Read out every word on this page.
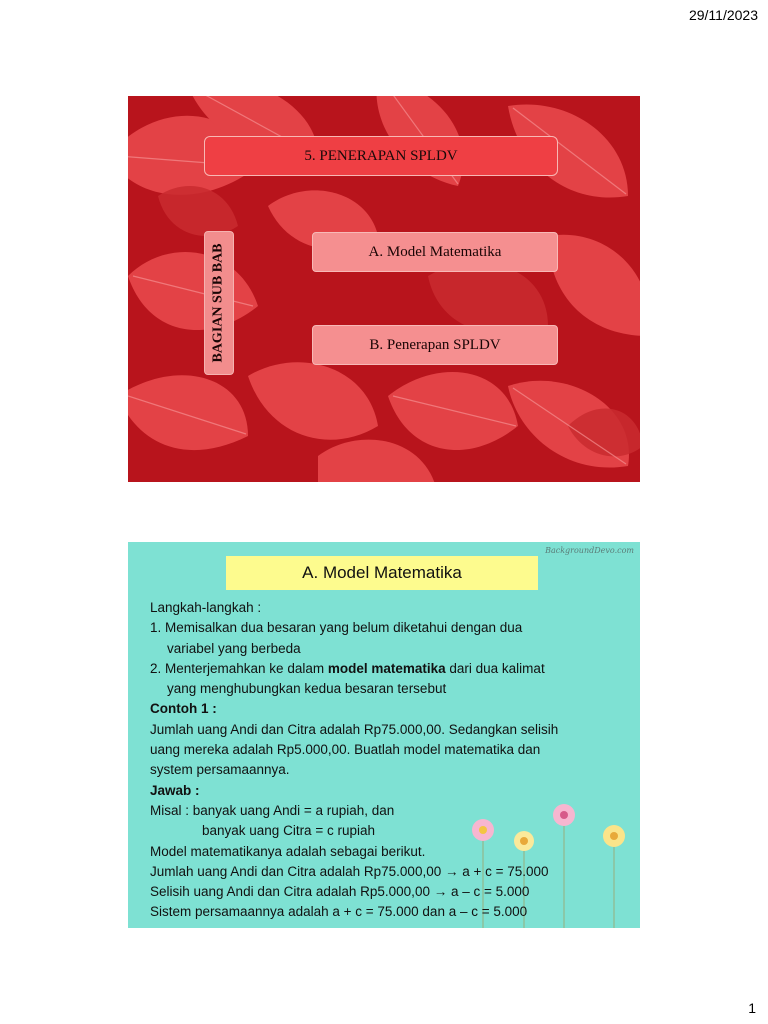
29/11/2023
5. PENERAPAN SPLDV
BAGIAN SUB BAB	A. Model Matematika
B. Penerapan SPLDV
BackgroundDevo.com
A. Model Matematika
Langkah-langkah :
1. Memisalkan dua besaran yang belum diketahui dengan dua
variabel yang berbeda
2. Menterjemahkan ke dalam model matematika dari dua kalimat
yang menghubungkan kedua besaran tersebut
Contoh 1 :
Jumlah uang Andi dan Citra adalah Rp75.000,00. Sedangkan selisih
uang mereka adalah Rp5.000,00. Buatlah model matematika dan
system persamaannya.
Jawab :
Misal : banyak uang Andi = a rupiah, dan
banyak uang Citra = c rupiah
Model matematikanya adalah sebagai berikut.
Jumlah uang Andi dan Citra adalah Rp75.000,00 → a + c = 75.000
Selisih uang Andi dan Citra adalah Rp5.000,00 → a – c = 5.000
Sistem persamaannya adalah a + c = 75.000 dan a – c = 5.000
1
